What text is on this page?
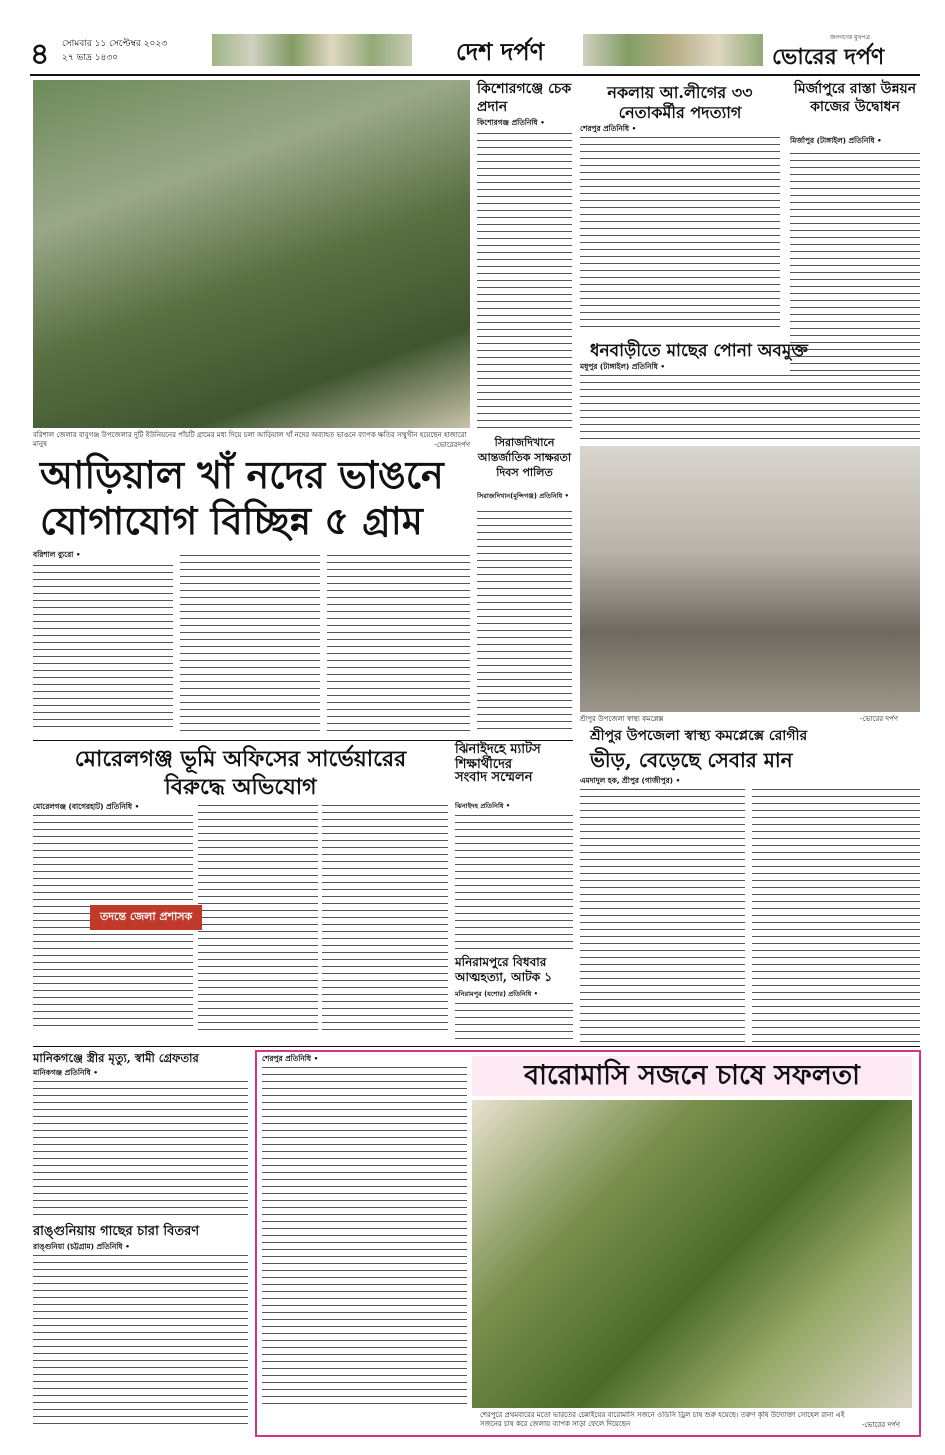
৪ সোমবার ১১ সেপ্টেম্বর ২০২৩
২৭ ভাদ্র ১৪৩০	দেশ দর্পণ	জনগণের মুখপত্র
ভোরের দর্পণ
বরিশাল জেলার বাবুগঞ্জ উপজেলার দুটি ইউনিয়নের পাঁচটি গ্রামের মধ্য দিয়ে চলা আড়িয়াল খাঁ নদের অব্যাহত ভাঙনে ব্যাপক ক্ষতির সম্মুখীন হয়েছেন হাজারো মানুষ	-ভোরেরদর্পণ
আড়িয়াল খাঁ নদের ভাঙনে
যোগাযোগ বিচ্ছিন্ন ৫ গ্রাম
বরিশাল ব্যুরো •
কিশোরগঞ্জে চেক প্রদান
কিশোরগঞ্জ প্রতিনিধি •
নকলায় আ.লীগের ৩৩
নেতাকর্মীর পদত্যাগ
শেরপুর প্রতিনিধি •
মির্জাপুরে রাস্তা উন্নয়ন কাজের উদ্বোধন
মির্জাপুর (টাঙ্গাইল) প্রতিনিধি •
সিরাজদিখানে আন্তর্জাতিক সাক্ষরতা দিবস পালিত
সিরাজদিখান(মুন্সিগঞ্জ) প্রতিনিধি •
ধনবাড়ীতে মাছের পোনা অবমুক্ত
মধুপুর (টাঙ্গাইল) প্রতিনিধি •
শ্রীপুর উপজেলা স্বাস্থ্য কমপ্লেক্স	-ভোরের দর্পণ
মোরেলগঞ্জ ভূমি অফিসের সার্ভেয়ারের
বিরুদ্ধে অভিযোগ
মোরেলগঞ্জ (বাগেরহাট) প্রতিনিধি •
তদন্তে জেলা প্রশাসক
ঝিনাইদহে ম্যাটস শিক্ষার্থীদের
সংবাদ সম্মেলন
শ্রীপুর উপজেলা স্বাস্থ্য কমপ্লেক্সে রোগীর
ভীড়, বেড়েছে সেবার মান
এমদাদুল হক, শ্রীপুর (গাজীপুর) •
ঝিনাইদহ প্রতিনিধি •
মনিরামপুরে বিধবার আত্মহত্যা, আটক ১
মনিরামপুর (যশোর) প্রতিনিধি •
মানিকগঞ্জে স্ত্রীর মৃত্যু, স্বামী গ্রেফতার
মানিকগঞ্জ প্রতিনিধি •
রাঙ্গুনিয়ায় গাছের চারা বিতরণ
রাঙ্গুনিয়া (চট্টগ্রাম) প্রতিনিধি •
শেরপুর প্রতিনিধি •
বারোমাসি সজনে চাষে সফলতা
শেরপুরে প্রথমবারের মতো ভারতের চেন্নাইয়ের বারোমাসি সজনে ওডিসি ড্রিল চাষ শুরু হয়েছে। তরুণ কৃষি উদ্যোক্তা সোহেল রানা এই সজনের চাষ করে জেলায় ব্যাপক সাড়া ফেলে দিয়েছেন	-ভোরের দর্পণ
